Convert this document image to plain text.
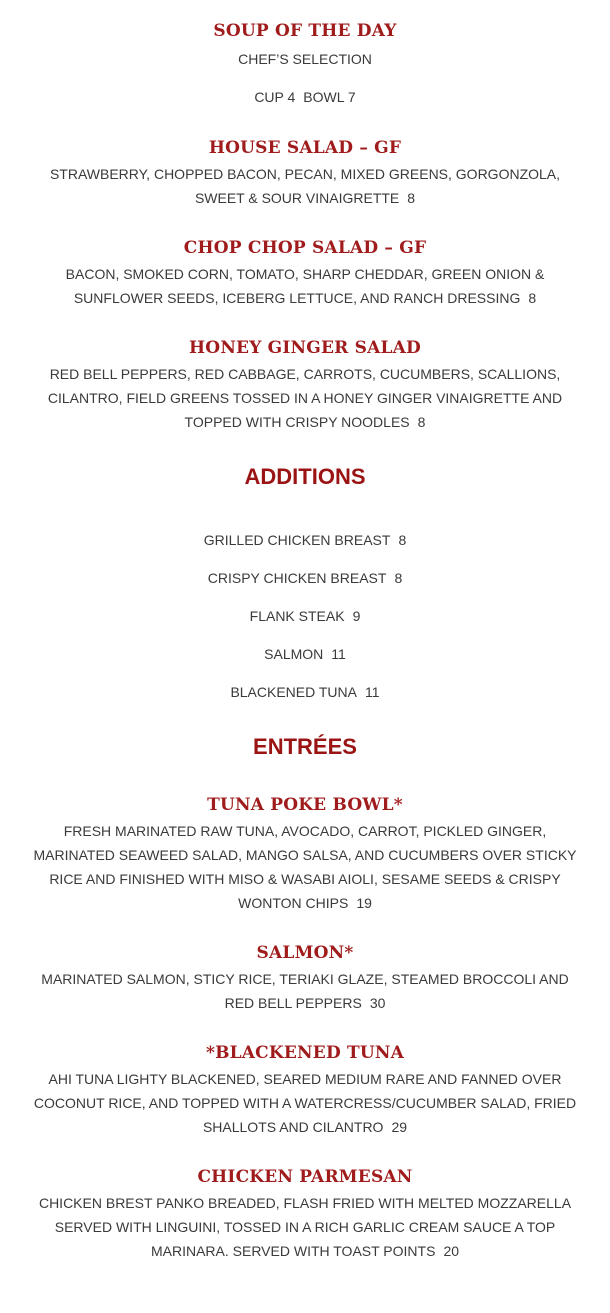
SOUP OF THE DAY

CHEF’S SELECTION

CUP 4 BOWL 7

HOUSE SALAD – GF

STRAWBERRY, CHOPPED BACON, PECAN, MIXED GREENS, GORGONZOLA, SWEET & SOUR VINAIGRETTE 8

CHOP CHOP SALAD – GF

BACON, SMOKED CORN, TOMATO, SHARP CHEDDAR, GREEN ONION & SUNFLOWER SEEDS, ICEBERG LETTUCE, AND RANCH DRESSING 8

HONEY GINGER SALAD

RED BELL PEPPERS, RED CABBAGE, CARROTS, CUCUMBERS, SCALLIONS, CILANTRO, FIELD GREENS TOSSED IN A HONEY GINGER VINAIGRETTE AND TOPPED WITH CRISPY NOODLES 8

ADDITIONS

GRILLED CHICKEN BREAST 8

CRISPY CHICKEN BREAST 8

FLANK STEAK 9

SALMON 11

BLACKENED TUNA 11

ENTRÉES
TUNA POKE BOWL*

FRESH MARINATED RAW TUNA, AVOCADO, CARROT, PICKLED GINGER, MARINATED SEAWEED SALAD, MANGO SALSA, AND CUCUMBERS OVER STICKY RICE AND FINISHED WITH MISO & WASABI AIOLI, SESAME SEEDS & CRISPY WONTON CHIPS 19

SALMON*

MARINATED SALMON, STICY RICE, TERIAKI GLAZE, STEAMED BROCCOLI AND RED BELL PEPPERS 30

*BLACKENED TUNA

AHI TUNA LIGHTY BLACKENED, SEARED MEDIUM RARE AND FANNED OVER COCONUT RICE, AND TOPPED WITH A WATERCRESS/CUCUMBER SALAD, FRIED SHALLOTS AND CILANTRO 29

CHICKEN PARMESAN

CHICKEN BREST PANKO BREADED, FLASH FRIED WITH MELTED MOZZARELLA SERVED WITH LINGUINI, TOSSED IN A RICH GARLIC CREAM SAUCE A TOP MARINARA. SERVED WITH TOAST POINTS 20
